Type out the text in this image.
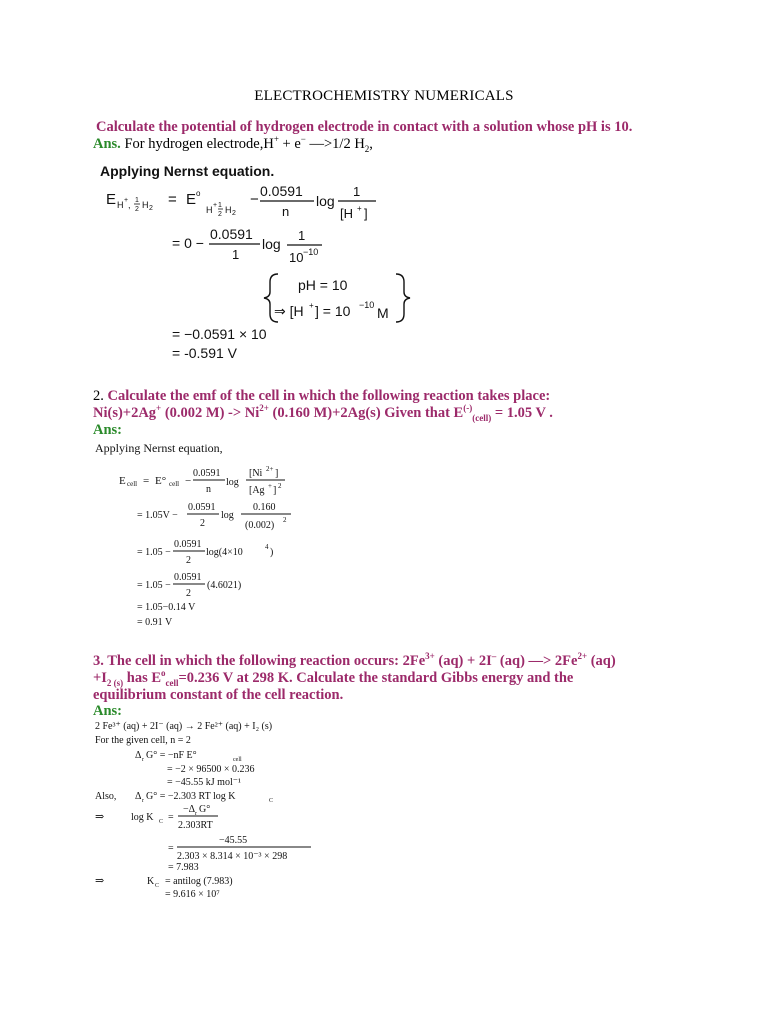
ELECTROCHEMISTRY NUMERICALS
Calculate the potential of hydrogen electrode in contact with a solution whose pH is 10.
Ans. For hydrogen electrode,H+ + e− —>1/2 $H_2$,
Applying Nernst equation.
E H + , 1
2 H 2
= E o
H + 1
2 H 2
− 0.0591
n
log
1
[H + ]
= 0 −
0.0591
1
log
1
10 −10
pH = 10
⇒ [H + ] = 10 −10 M
= −0.0591 × 10
= -0.591 V
2. Calculate the emf of the cell in which the following reaction takes place:
Ni(s)+2Ag+ (0.002 $M) -> Ni^{2+}$ (0.160 M)+2Ag(s) Given that $E^{(-)}_{(cell)} = 1.05$ V .
Ans:
Applying Nernst equation,
E cell = E° cell −
0.0591
n
log
[Ni 2+ ]
[Ag + ] 2
= 1.05V −
0.0591
2
log
0.160
(0.002) 2
= 1.05 −
0.0591
2
log(4×10	4 )
= 1.05 −
0.0591
2
(4.6021)
= 1.05−0.14 V
= 0.91 V
3. The cell in which the following reaction occurs: $2Fe^{3+}$ (aq) + 2I– (aq) —> $2Fe^{2+}$ (aq)
$+I_{2 (s)}$ has $E^o_{cell}=0.236$ V at 298 K. Calculate the standard Gibbs energy and the
equilibrium constant of the cell reaction.
Ans:
2 Fe³⁺ (aq) + 2I⁻ (aq) → 2 Fe²⁺ (aq) + I₂ (s)
For the given cell, n = 2
Δ r G° = −nF E°	cell
= −2 × 96500 × 0.236
= −45.55 kJ mol⁻¹
Also, Δ r G° = −2.303 RT log K	C
⇒	log K C =
−Δ r G°
2.303RT
=
−45.55
2.303 × 8.314 × 10⁻³ × 298
= 7.983
⇒	K C = antilog (7.983)
= 9.616 × 10⁷
